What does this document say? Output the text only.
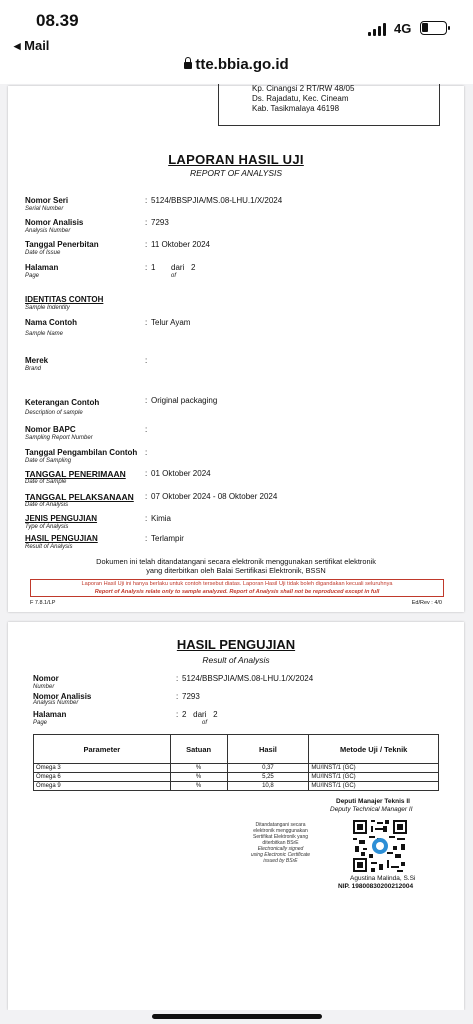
08.39
◂ Mail
4G
tte.bbia.go.id
Kp. Cinangsi 2 RT/RW 48/05
Ds. Rajadatu, Kec. Cineam
Kab. Tasikmalaya 46198
LAPORAN HASIL UJI
REPORT OF ANALYSIS
Nomor Seri
Serial Number
: 5124/BBSPJIA/MS.08-LHU.1/X/2024
Nomor Analisis
Analysis Number
: 7293
Tanggal Penerbitan
Date of Issue
: 11 Oktober 2024
Halaman
Page
: 1       dari   2
of
IDENTITAS CONTOH
Sample Indentity
Nama Contoh
Sample Name
: Telur Ayam
Merek
Brand
:
Keterangan Contoh
Description of sample
: Original packaging
Nomor BAPC
Sampling Report Number
:
Tanggal Pengambilan Contoh
Date of Sampling
:
TANGGAL PENERIMAAN
Date of Sample
: 01 Oktober 2024
TANGGAL PELAKSANAAN
Date of Analysis
: 07 Oktober 2024 - 08 Oktober 2024
JENIS PENGUJIAN
Type of Analysis
: Kimia
HASIL PENGUJIAN
Result of Analysis
: Terlampir
Dokumen ini telah ditandatangani secara elektronik menggunakan sertifikat elektronik
yang diterbitkan oleh Balai Sertifikasi Elektronik, BSSN
Laporan Hasil Uji ini hanya berlaku untuk contoh tersebut diatas. Laporan Hasil Uji tidak boleh digandakan kecuali seluruhnya
Report of Analysis relate only to sample analyzed. Report of Analysis shall not be reproduced except in full
F 7.8.1/LP	Ed/Rev : 4/0
HASIL PENGUJIAN
Result of Analysis
Nomor
Number
: 5124/BBSPJIA/MS.08-LHU.1/X/2024
Nomor Analisis
Analysis Number
: 7293
Halaman
Page
: 2   dari   2
of
Parameter	Satuan	Hasil	Metode Uji / Teknik
Omega 3	%	0,37	MU/INST/1 (GC)
Omega 6	%	5,25	MU/INST/1 (GC)
Omega 9	%	10,8	MU/INST/1 (GC)
Deputi Manajer Teknis II
Deputy Technical Manager II
Ditandatangani secara
elektronik menggunakan
Sertifikat Elektronik yang
diterbitkan BSrE
Electronically signed
using Electronic Certificate
issued by BSrE
Agustina Malinda, S.Si
NIP. 19800830200212004
